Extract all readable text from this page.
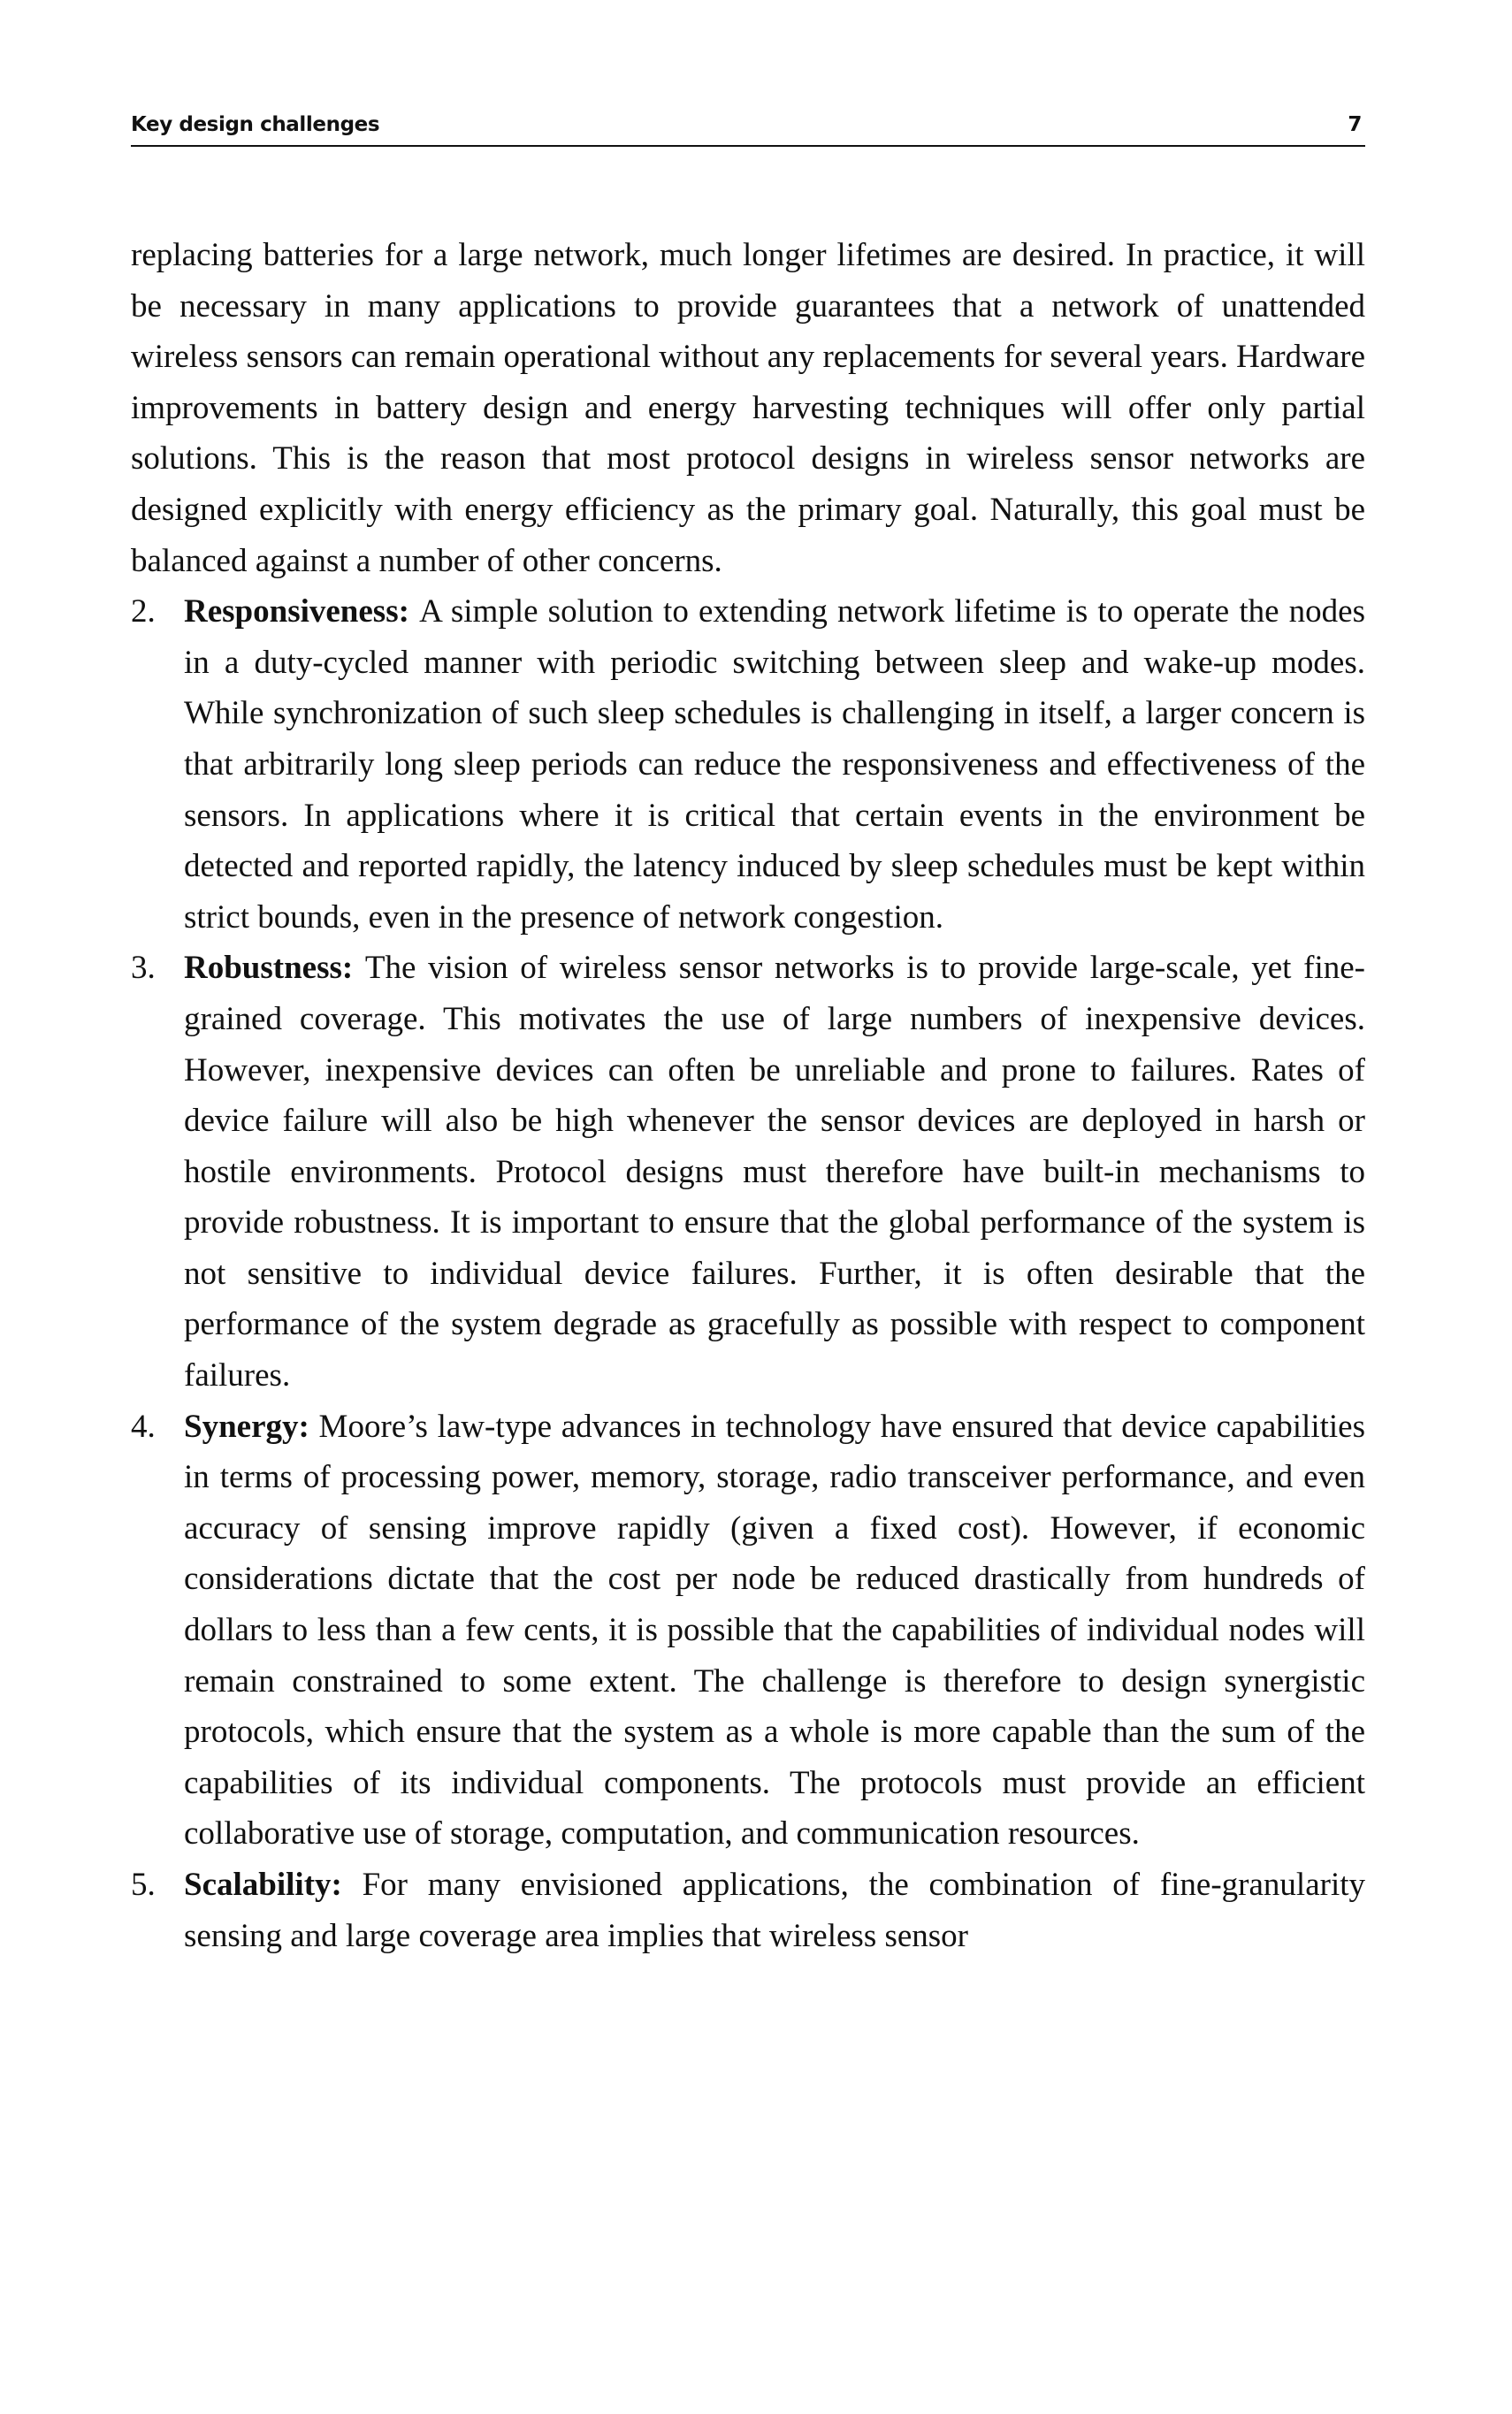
Key design challenges	7

replacing batteries for a large network, much longer lifetimes are desired. In practice, it will be necessary in many applications to provide guarantees that a network of unattended wireless sensors can remain operational without any replacements for several years. Hardware improvements in battery design and energy harvesting techniques will offer only partial solutions. This is the reason that most protocol designs in wireless sensor networks are designed explicitly with energy efficiency as the primary goal. Naturally, this goal must be balanced against a number of other concerns.

2. Responsiveness: A simple solution to extending network lifetime is to operate the nodes in a duty-cycled manner with periodic switching between sleep and wake-up modes. While synchronization of such sleep schedules is challenging in itself, a larger concern is that arbitrarily long sleep periods can reduce the responsiveness and effectiveness of the sensors. In applications where it is critical that certain events in the environment be detected and reported rapidly, the latency induced by sleep schedules must be kept within strict bounds, even in the presence of network congestion.
3. Robustness: The vision of wireless sensor networks is to provide large-scale, yet fine-grained coverage. This motivates the use of large numbers of inexpensive devices. However, inexpensive devices can often be unreliable and prone to failures. Rates of device failure will also be high whenever the sensor devices are deployed in harsh or hostile environments. Protocol designs must therefore have built-in mechanisms to provide robustness. It is important to ensure that the global performance of the system is not sensitive to individual device failures. Further, it is often desirable that the performance of the system degrade as gracefully as possible with respect to component failures.
4. Synergy: Moore’s law-type advances in technology have ensured that device capabilities in terms of processing power, memory, storage, radio transceiver performance, and even accuracy of sensing improve rapidly (given a fixed cost). However, if economic considerations dictate that the cost per node be reduced drastically from hundreds of dollars to less than a few cents, it is possible that the capabilities of individual nodes will remain constrained to some extent. The challenge is therefore to design synergistic protocols, which ensure that the system as a whole is more capable than the sum of the capabilities of its individual components. The protocols must provide an efficient collaborative use of storage, computation, and communication resources.
5. Scalability: For many envisioned applications, the combination of fine-granularity sensing and large coverage area implies that wireless sensor
